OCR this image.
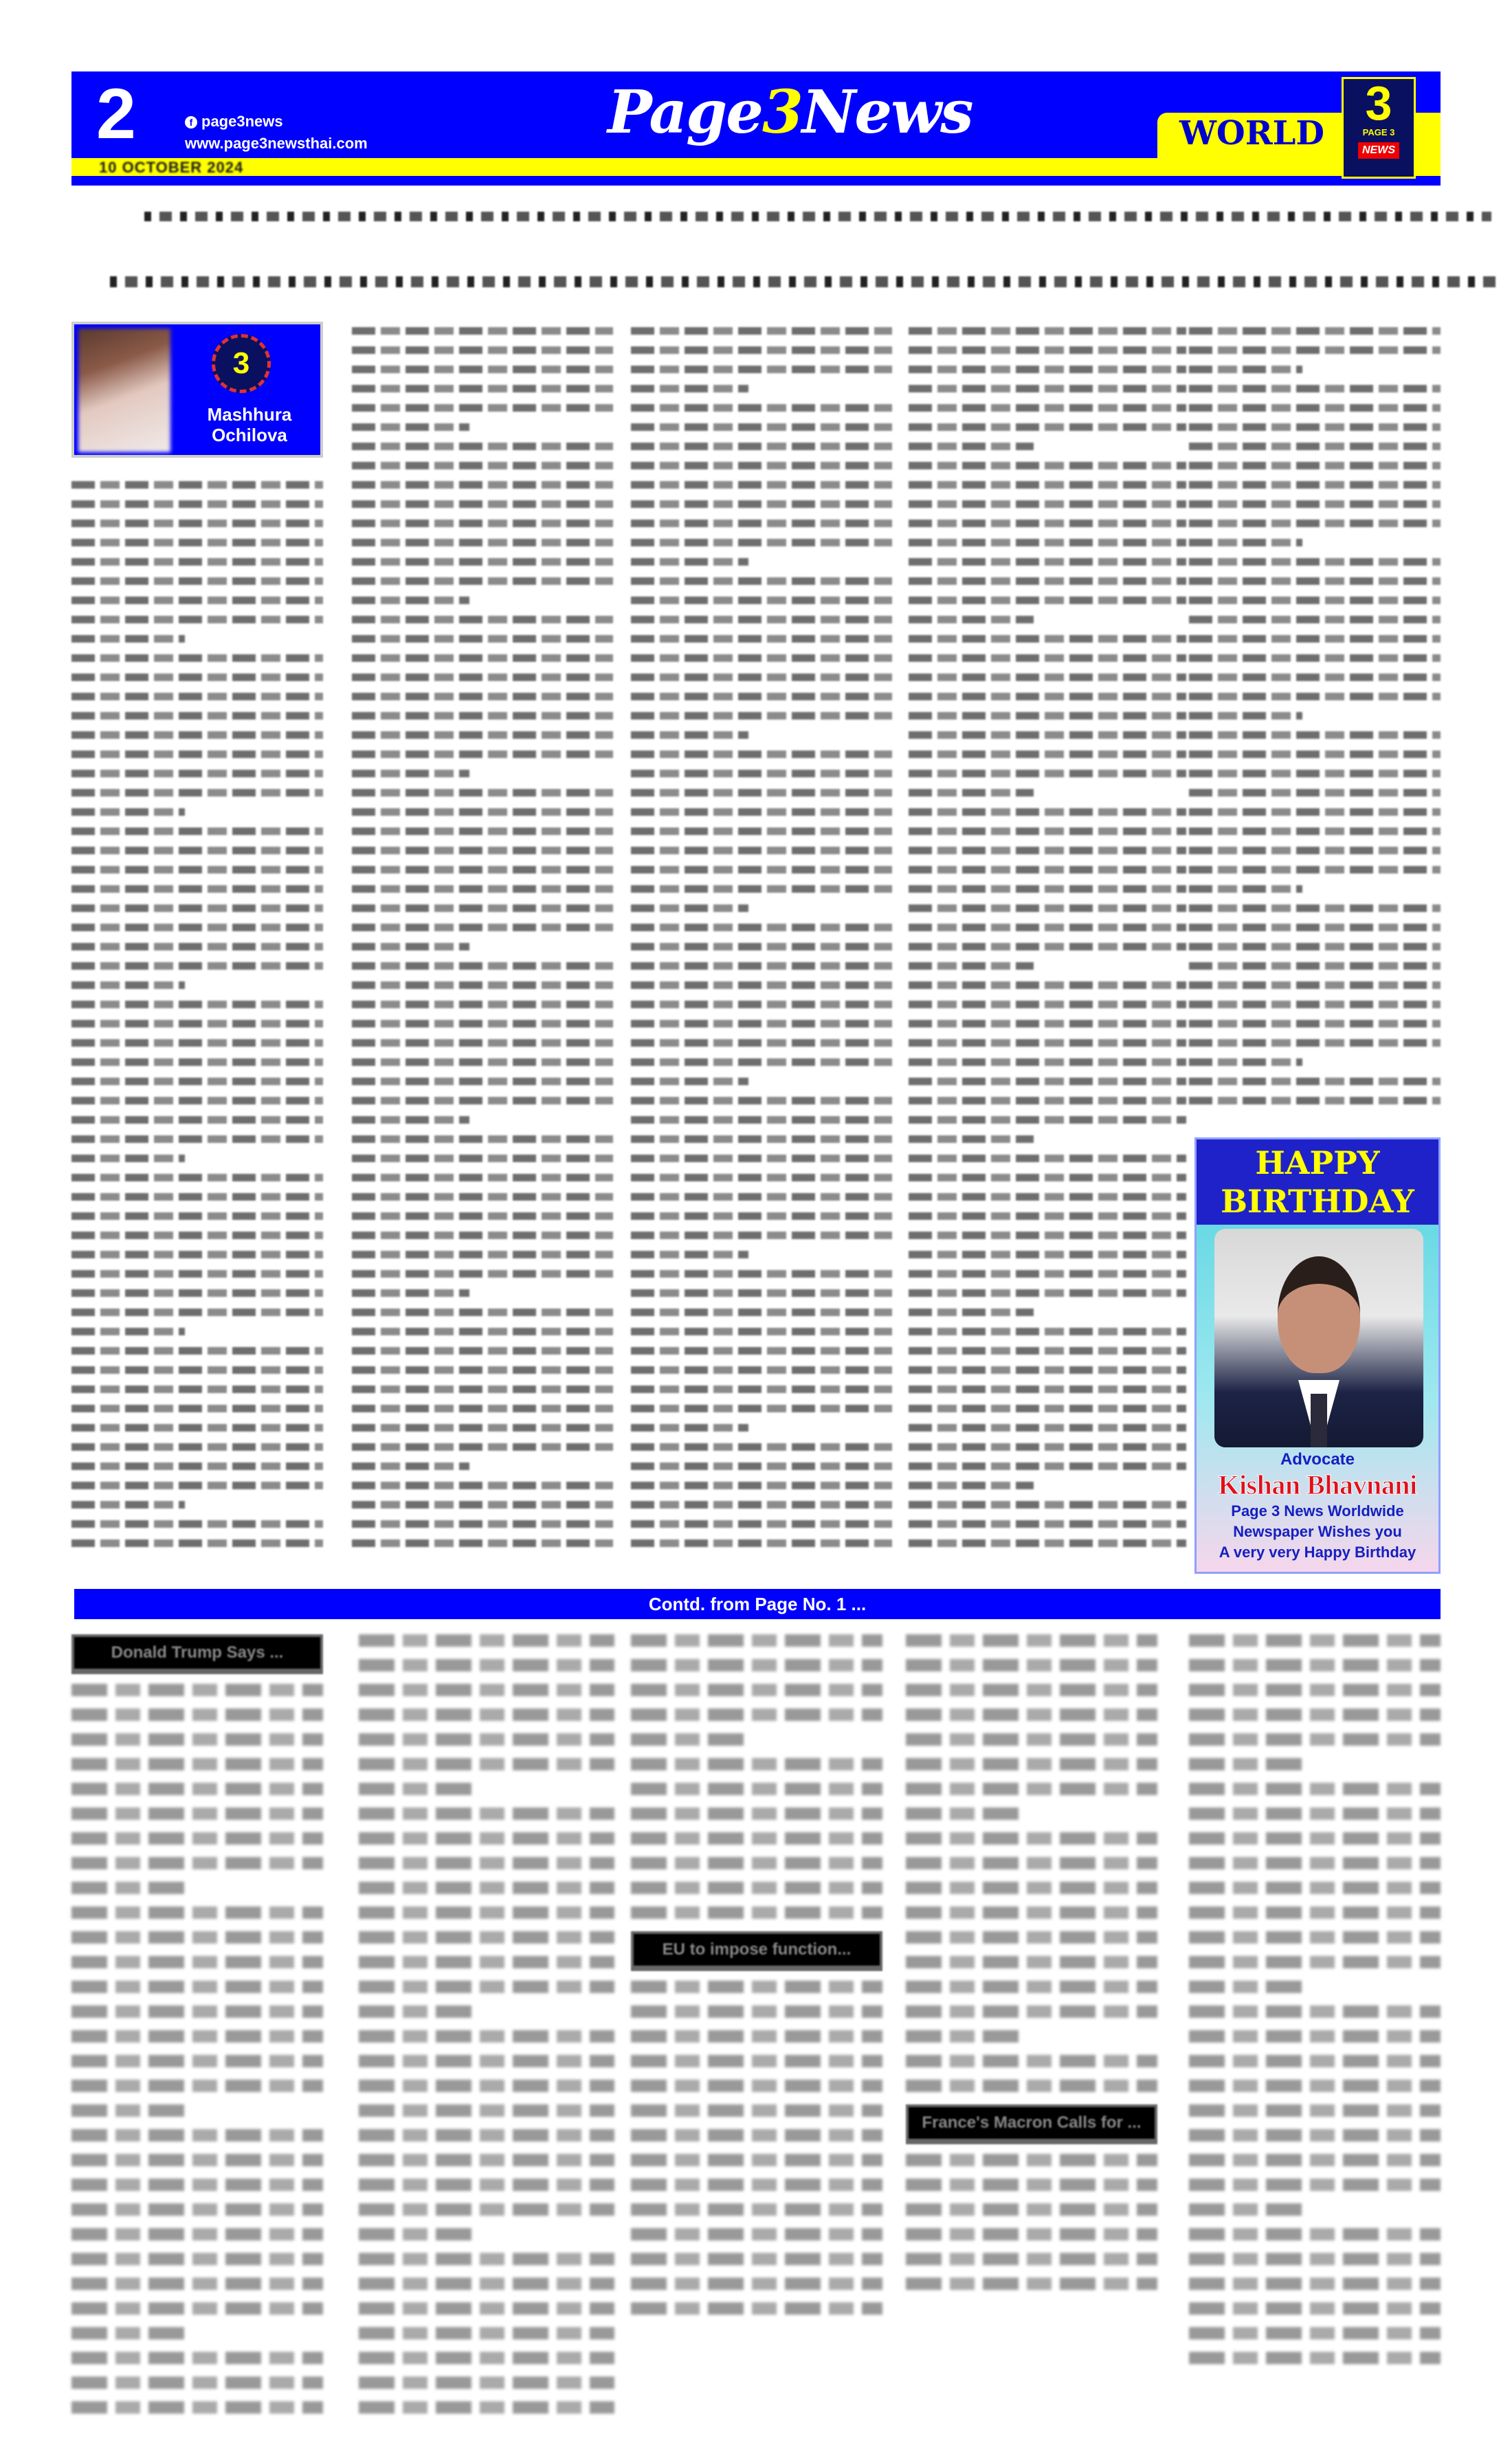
2	f page3news
www.page3newsthai.com	Page3News
10 OCTOBER 2024
WORLD
3
PAGE 3
NEWS
3
Mashhura
Ochilova
HAPPY
BIRTHDAY
Advocate
Kishan Bhavnani
Page 3 News Worldwide
Newspaper Wishes you
A very very Happy Birthday
Contd. from Page No. 1 ...
Donald Trump Says ...
EU to impose function...
France's Macron Calls for ...
